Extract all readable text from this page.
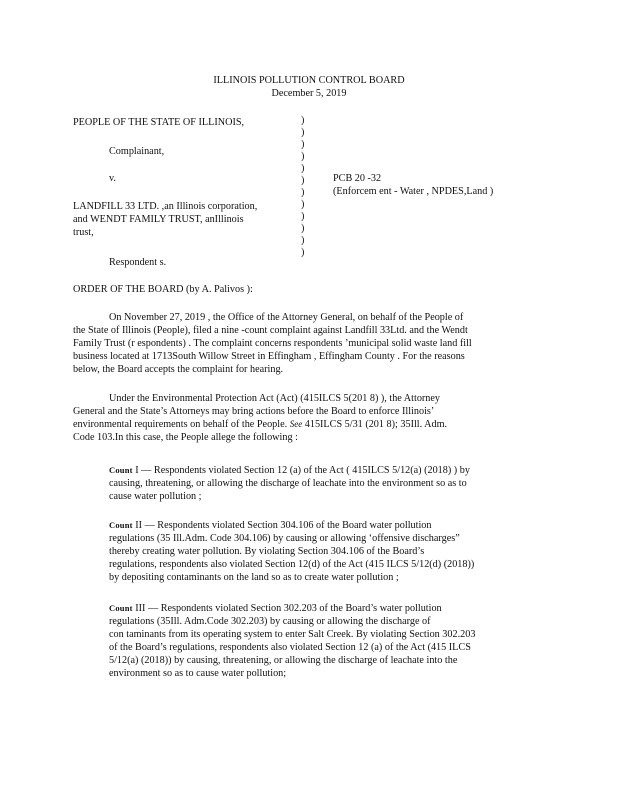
ILLINOIS POLLUTION CONTROL BOARD
December 5, 2019
PEOPLE OF THE STATE OF ILLINOIS,
Complainant,
v.
LANDFILL 33 LTD. ,an Illinois corporation,
and WENDT FAMILY TRUST, anIllinois
trust,
Respondent s.
)
)
)
)
)
)
)
)
)
)
)
)
PCB 20 -32
(Enforcem ent - Water , NPDES,Land )
ORDER OF THE BOARD (by A. Palivos ):
On November 27, 2019 , the Office of the Attorney General, on behalf of the People of
the State of Illinois (People), filed a nine -count complaint against Landfill 33Ltd. and the Wendt
Family Trust (r espondents) . The complaint concerns respondents ’municipal solid waste land fill
business located at 1713South Willow Street in Effingham , Effingham County . For the reasons
below, the Board accepts the complaint for hearing.
Under the Environmental Protection Act (Act) (415ILCS 5(201 8) ), the Attorney
General and the State’s Attorneys may bring actions before the Board to enforce Illinois’
environmental requirements on behalf of the People. See 415ILCS 5/31 (201 8); 35Ill. Adm.
Code 103.In this case, the People allege the following :
Count I — Respondents violated Section 12 (a) of the Act ( 415ILCS 5/12(a) (2018) ) by
causing, threatening, or allowing the discharge of leachate into the environment so as to
cause water pollution ;
Count II — Respondents violated Section 304.106 of the Board water pollution
regulations (35 Ill.Adm. Code 304.106) by causing or allowing ‘offensive discharges”
thereby creating water pollution. By violating Section 304.106 of the Board’s
regulations, respondents also violated Section 12(d) of the Act (415 ILCS 5/12(d) (2018))
by depositing contaminants on the land so as to create water pollution ;
Count III — Respondents violated Section 302.203 of the Board’s water pollution
regulations (35Ill. Adm.Code 302.203) by causing or allowing the discharge of
con taminants from its operating system to enter Salt Creek. By violating Section 302.203
of the Board’s regulations, respondents also violated Section 12 (a) of the Act (415 ILCS
5/12(a) (2018)) by causing, threatening, or allowing the discharge of leachate into the
environment so as to cause water pollution;
